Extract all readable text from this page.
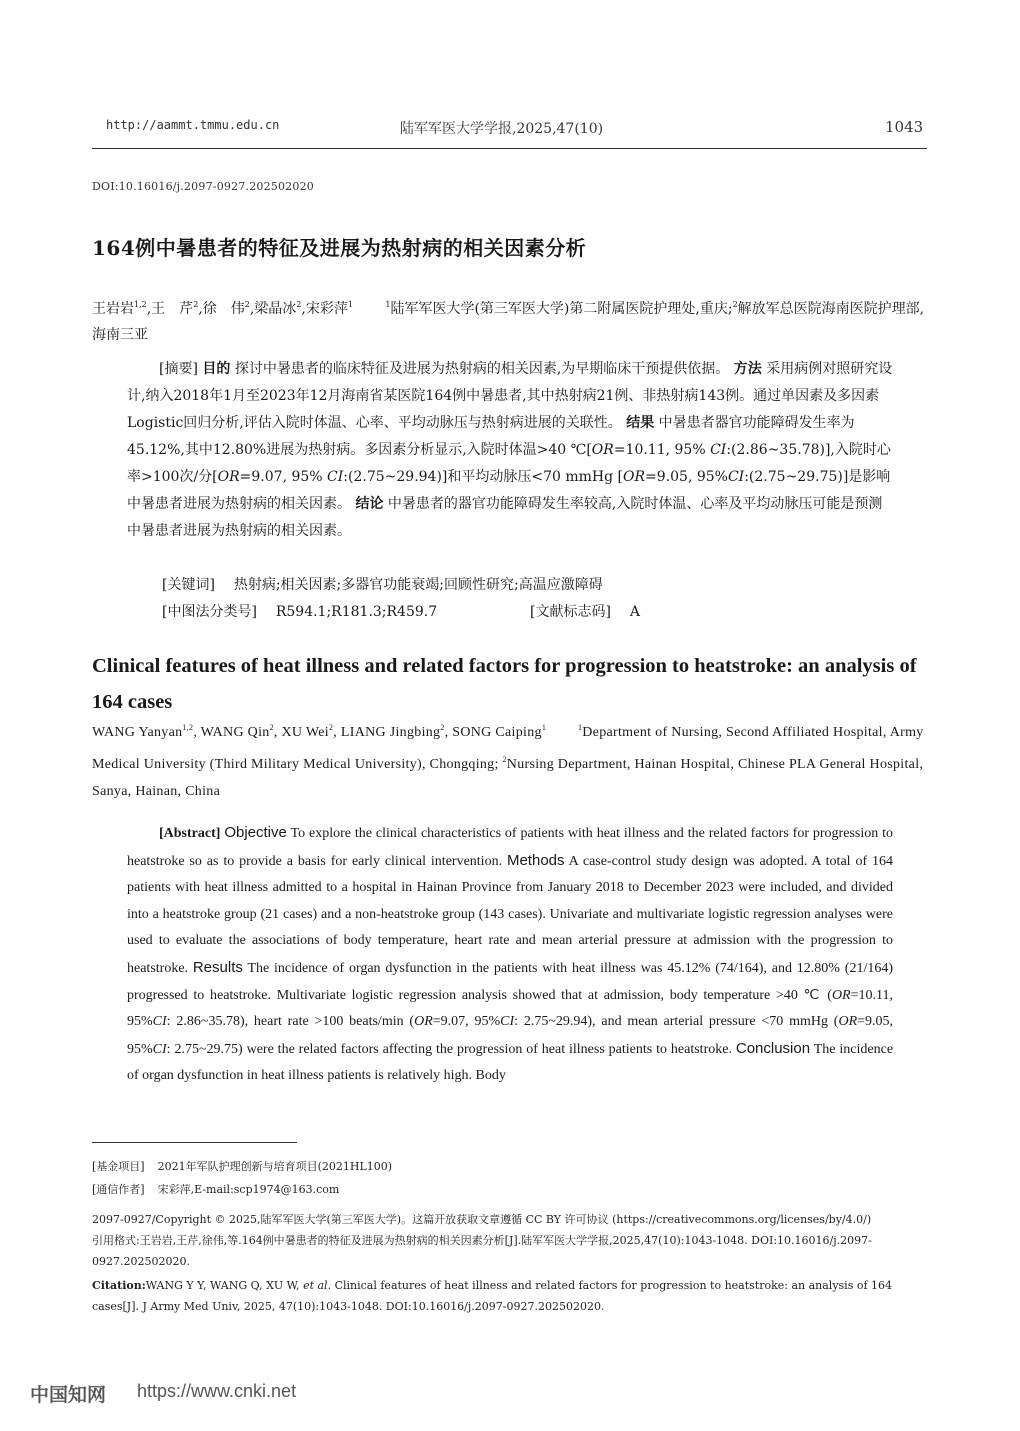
http://aammt.tmmu.edu.cn	陆军军医大学学报,2025,47(10)	1043
DOI:10.16016/j.2097-0927.202502020
164例中暑患者的特征及进展为热射病的相关因素分析
王岩岩$^{1,2}$,王　芹$^2$,徐　伟$^2$,梁晶冰$^2$,宋彩萍$^1$	$^1$陆军军医大学(第三军医大学)第二附属医院护理处,重庆;$^2$解放军总医院海南医院护理部,海南三亚
[摘要] 目的 探讨中暑患者的临床特征及进展为热射病的相关因素,为早期临床干预提供依据。 方法 采用病例对照研究设计,纳入2018年1月至2023年12月海南省某医院164例中暑患者,其中热射病21例、非热射病143例。通过单因素及多因素Logistic回归分析,评估入院时体温、心率、平均动脉压与热射病进展的关联性。 结果 中暑患者器官功能障碍发生率为45.12%,其中12.80%进展为热射病。多因素分析显示,入院时体温>40 ℃[OR=10.11, 95% CI:(2.86~35.78)],入院时心率>100次/分[OR=9.07, 95% CI:(2.75~29.94)]和平均动脉压<70 mmHg [OR=9.05, 95%CI:(2.75~29.75)]是影响中暑患者进展为热射病的相关因素。 结论 中暑患者的器官功能障碍发生率较高,入院时体温、心率及平均动脉压可能是预测中暑患者进展为热射病的相关因素。
[关键词] 热射病;相关因素;多器官功能衰竭;回顾性研究;高温应激障碍
[中图法分类号] R594.1;R181.3;R459.7	[文献标志码] A
Clinical features of heat illness and related factors for progression to heatstroke: an analysis of 164 cases
WANG Yanyan$^{1,2}$, WANG Qin$^2$, XU Wei$^2$, LIANG Jingbing$^2$, SONG Caiping$^1$	$^1$Department of Nursing, Second Affiliated Hospital, Army Medical University (Third Military Medical University), Chongqing; $^2$Nursing Department, Hainan Hospital, Chinese PLA General Hospital, Sanya, Hainan, China
[Abstract] Objective To explore the clinical characteristics of patients with heat illness and the related factors for progression to heatstroke so as to provide a basis for early clinical intervention. Methods A case-control study design was adopted. A total of 164 patients with heat illness admitted to a hospital in Hainan Province from January 2018 to December 2023 were included, and divided into a heatstroke group (21 cases) and a non-heatstroke group (143 cases). Univariate and multivariate logistic regression analyses were used to evaluate the associations of body temperature, heart rate and mean arterial pressure at admission with the progression to heatstroke. Results The incidence of organ dysfunction in the patients with heat illness was 45.12% (74/164), and 12.80% (21/164) progressed to heatstroke. Multivariate logistic regression analysis showed that at admission, body temperature >40 ℃ (OR=10.11, 95%CI: 2.86~35.78), heart rate >100 beats/min (OR=9.07, 95%CI: 2.75~29.94), and mean arterial pressure <70 mmHg (OR=9.05, 95%CI: 2.75~29.75) were the related factors affecting the progression of heat illness patients to heatstroke. Conclusion The incidence of organ dysfunction in heat illness patients is relatively high. Body
[基金项目] 2021年军队护理创新与培育项目(2021HL100)
[通信作者] 宋彩萍,E-mail:scp1974@163.com
2097-0927/Copyright © 2025,陆军军医大学(第三军医大学)。这篇开放获取文章遵循 CC BY 许可协议 (https://creativecommons.org/licenses/by/4.0/)
引用格式:王岩岩,王芹,徐伟,等.164例中暑患者的特征及进展为热射病的相关因素分析[J].陆军军医大学学报,2025,47(10):1043-1048. DOI:10.16016/j.2097-0927.202502020.
Citation:WANG Y Y, WANG Q, XU W, et al. Clinical features of heat illness and related factors for progression to heatstroke: an analysis of 164 cases[J]. J Army Med Univ, 2025, 47(10):1043-1048. DOI:10.16016/j.2097-0927.202502020.
中国知网 https://www.cnki.net
